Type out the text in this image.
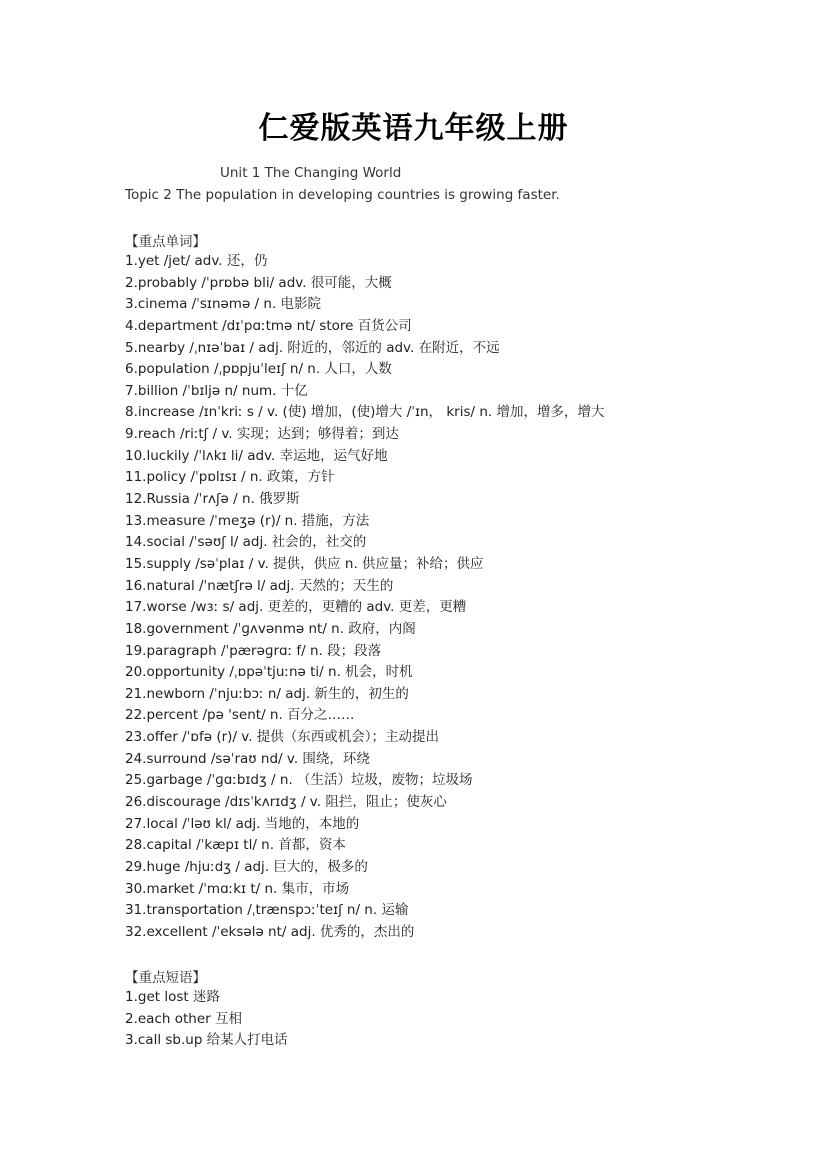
仁爱版英语九年级上册
Unit 1 The Changing World
Topic 2 The population in developing countries is growing faster.
【重点单词】
1.yet /jet/ adv. 还，仍
2.probably /ˈprɒbə bli/ adv. 很可能，大概
3.cinema /ˈsɪnəmə / n. 电影院
4.department /dɪˈpɑːtmə nt/ store 百货公司
5.nearby /ˌnɪəˈbaɪ / adj. 附近的，邻近的 adv. 在附近，不远
6.population /ˌpɒpjuˈleɪʃ n/ n. 人口，人数
7.billion /ˈbɪljə n/ num. 十亿
8.increase /ɪnˈkriː s / v. (使) 增加，(使)增大 /ˈɪn， kris/ n. 增加，增多，增大
9.reach /riːtʃ / v. 实现；达到；够得着；到达
10.luckily /ˈlʌkɪ li/ adv. 幸运地，运气好地
11.policy /ˈpɒlɪsɪ / n. 政策，方针
12.Russia /ˈrʌʃə / n. 俄罗斯
13.measure /ˈmeʒə (r)/ n. 措施，方法
14.social /ˈsəʊʃ l/ adj. 社会的，社交的
15.supply /səˈplaɪ / v. 提供，供应 n. 供应量；补给；供应
16.natural /ˈnætʃrə l/ adj. 天然的；天生的
17.worse /wɜː s/ adj. 更差的，更糟的 adv. 更差，更糟
18.government /ˈɡʌvənmə nt/ n. 政府，内阁
19.paragraph /ˈpærəɡrɑː f/ n. 段；段落
20.opportunity /ˌɒpəˈtjuːnə ti/ n. 机会，时机
21.newborn /ˈnjuːbɔː n/ adj. 新生的，初生的
22.percent /pə 'sent/ n. 百分之……
23.offer /ˈɒfə (r)/ v. 提供（东西或机会）；主动提出
24.surround /səˈraʊ nd/ v. 围绕，环绕
25.garbage /ˈɡɑːbɪdʒ / n. （生活）垃圾，废物；垃圾场
26.discourage /dɪsˈkʌrɪdʒ / v. 阻拦，阻止；使灰心
27.local /ˈləʊ kl/ adj. 当地的，本地的
28.capital /ˈkæpɪ tl/ n. 首都，资本
29.huge /hjuːdʒ / adj. 巨大的，极多的
30.market /ˈmɑːkɪ t/ n. 集市，市场
31.transportation /ˌtrænspɔːˈteɪʃ n/ n. 运输
32.excellent /ˈeksələ nt/ adj. 优秀的，杰出的
【重点短语】
1.get lost 迷路
2.each other 互相
3.call sb.up 给某人打电话
